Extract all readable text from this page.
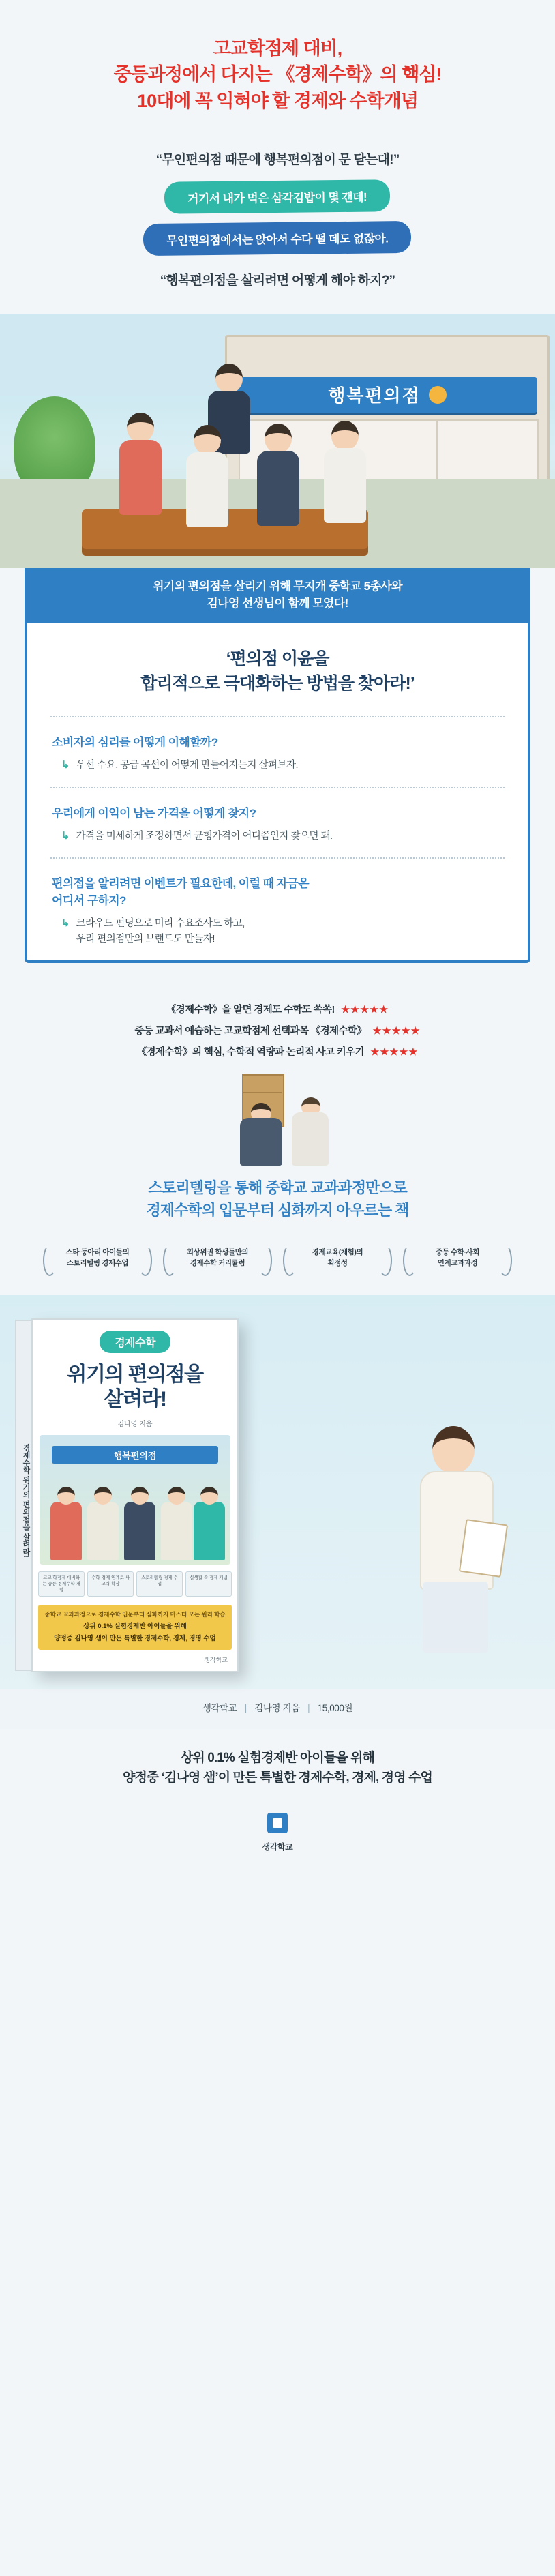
고교학점제 대비,
중등과정에서 다지는 《경제수학》의 핵심!
10대에 꼭 익혀야 할 경제와 수학개념
“무인편의점 때문에 행복편의점이 문 닫는대!”
거기서 내가 먹은 삼각김밥이 몇 갠데!
무인편의점에서는 앉아서 수다 떨 데도 없잖아.
“행복편의점을 살리려면 어떻게 해야 하지?”
행복편의점
위기의 편의점을 살리기 위해 무지개 중학교 5총사와
김나영 선생님이 함께 모였다!
‘편의점 이윤을
합리적으로 극대화하는 방법을 찾아라!’
소비자의 심리를 어떻게 이해할까?
↳ 우선 수요, 공급 곡선이 어떻게 만들어지는지 살펴보자.
우리에게 이익이 남는 가격을 어떻게 찾지?
↳ 가격을 미세하게 조정하면서 균형가격이 어디쯤인지 찾으면 돼.
편의점을 알리려면 이벤트가 필요한데, 이럴 때 자금은
어디서 구하지?
↳ 크라우드 펀딩으로 미리 수요조사도 하고,
우리 편의점만의 브랜드도 만들자!
《경제수학》을 알면 경제도 수학도 쏙쏙! ★★★★★
중등 교과서 예습하는 고교학점제 선택과목 《경제수학》 ★★★★★
《경제수학》의 핵심, 수학적 역량과 논리적 사고 키우기 ★★★★★
스토리텔링을 통해 중학교 교과과정만으로
경제수학의 입문부터 심화까지 아우르는 책
스타 둥아리 아이들의
스토리텔링 경제수업
최상위권 학생들만의
경제수학 커리큘럼
경제교육(체험)의
획정성
중등 수학·사회
연계교과과정
경제수학 위기의 편의점을 살려라!
경제수학
위기의 편의점을
살려라!
김나영 지음
행복편의점
고교 학점제 대비하는 중등 경제수학 개념
수학·경제 연계로 사고력 확장
스토리텔링 경제 수업
실생활 속 경제 개념
중학교 교과과정으로 경제수학 입문부터 심화까지 마스터 모든 원리 학습
상위 0.1% 실험경제반 아이들을 위해
양정중 김나영 샘이 만든 특별한 경제수학, 경제, 경영 수업
생각학교
생각학교 | 김나영 지음 | 15,000원
상위 0.1% 실험경제반 아이들을 위해
양정중 ‘김나영 샘’이 만든 특별한 경제수학, 경제, 경영 수업
생각학교
